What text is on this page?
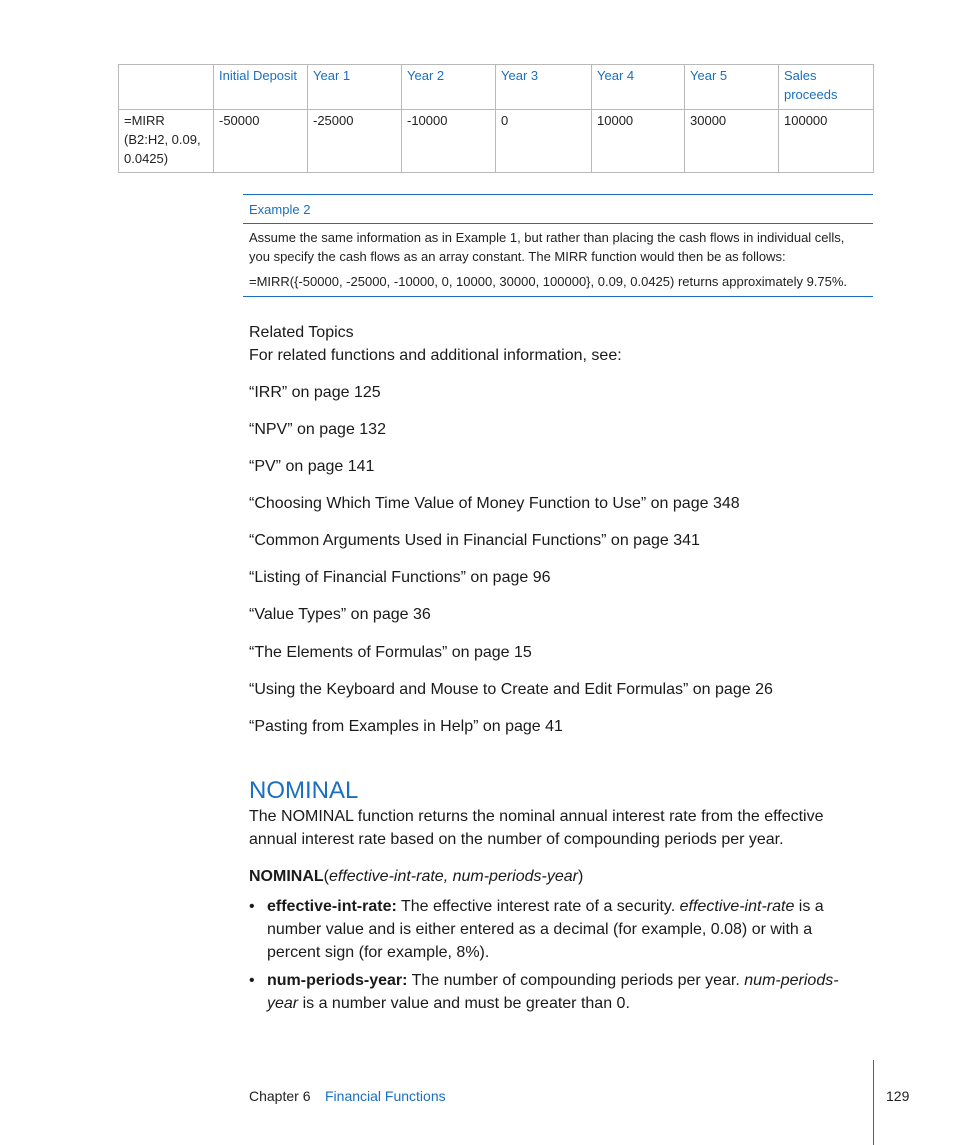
	Initial Deposit	Year 1	Year 2	Year 3	Year 4	Year 5	Sales proceeds
=MIRR (B2:H2, 0.09, 0.0425)	-50000	-25000	-10000	0	10000	30000	100000
Example 2
Assume the same information as in Example 1, but rather than placing the cash flows in individual cells, you specify the cash flows as an array constant. The MIRR function would then be as follows:
=MIRR({-50000, -25000, -10000, 0, 10000, 30000, 100000}, 0.09, 0.0425) returns approximately 9.75%.
Related Topics
For related functions and additional information, see:
“IRR” on page 125
“NPV” on page 132
“PV” on page 141
“Choosing Which Time Value of Money Function to Use” on page 348
“Common Arguments Used in Financial Functions” on page 341
“Listing of Financial Functions” on page 96
“Value Types” on page 36
“The Elements of Formulas” on page 15
“Using the Keyboard and Mouse to Create and Edit Formulas” on page 26
“Pasting from Examples in Help” on page 41
NOMINAL
The NOMINAL function returns the nominal annual interest rate from the effective annual interest rate based on the number of compounding periods per year.
NOMINAL(effective-int-rate, num-periods-year)
• effective-int-rate: The effective interest rate of a security. effective-int-rate is a number value and is either entered as a decimal (for example, 0.08) or with a percent sign (for example, 8%).
• num-periods-year: The number of compounding periods per year. num-periods-year is a number value and must be greater than 0.
Chapter 6 Financial Functions	129
